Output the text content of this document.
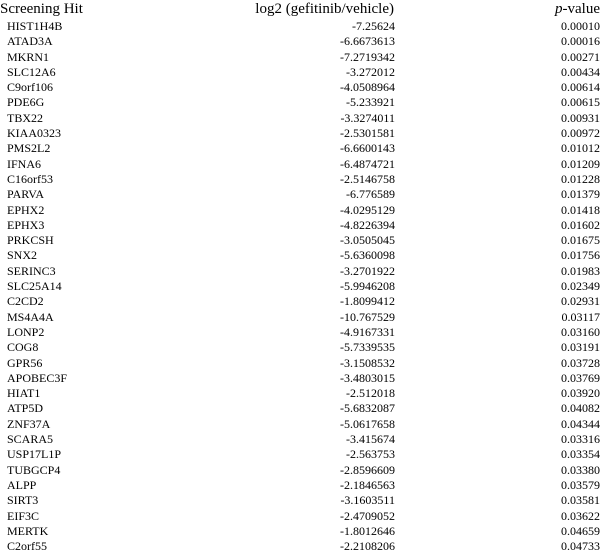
Screening Hit	log2 (gefitinib/vehicle)	p-value
HIST1H4B	-7.25624	0.00010
ATAD3A	-6.6673613	0.00016
MKRN1	-7.2719342	0.00271
SLC12A6	-3.272012	0.00434
C9orf106	-4.0508964	0.00614
PDE6G	-5.233921	0.00615
TBX22	-3.3274011	0.00931
KIAA0323	-2.5301581	0.00972
PMS2L2	-6.6600143	0.01012
IFNA6	-6.4874721	0.01209
C16orf53	-2.5146758	0.01228
PARVA	-6.776589	0.01379
EPHX2	-4.0295129	0.01418
EPHX3	-4.8226394	0.01602
PRKCSH	-3.0505045	0.01675
SNX2	-5.6360098	0.01756
SERINC3	-3.2701922	0.01983
SLC25A14	-5.9946208	0.02349
C2CD2	-1.8099412	0.02931
MS4A4A	-10.767529	0.03117
LONP2	-4.9167331	0.03160
COG8	-5.7339535	0.03191
GPR56	-3.1508532	0.03728
APOBEC3F	-3.4803015	0.03769
HIAT1	-2.512018	0.03920
ATP5D	-5.6832087	0.04082
ZNF37A	-5.0617658	0.04344
SCARA5	-3.415674	0.03316
USP17L1P	-2.563753	0.03354
TUBGCP4	-2.8596609	0.03380
ALPP	-2.1846563	0.03579
SIRT3	-3.1603511	0.03581
EIF3C	-2.4709052	0.03622
MERTK	-1.8012646	0.04659
C2orf55	-2.2108206	0.04733
